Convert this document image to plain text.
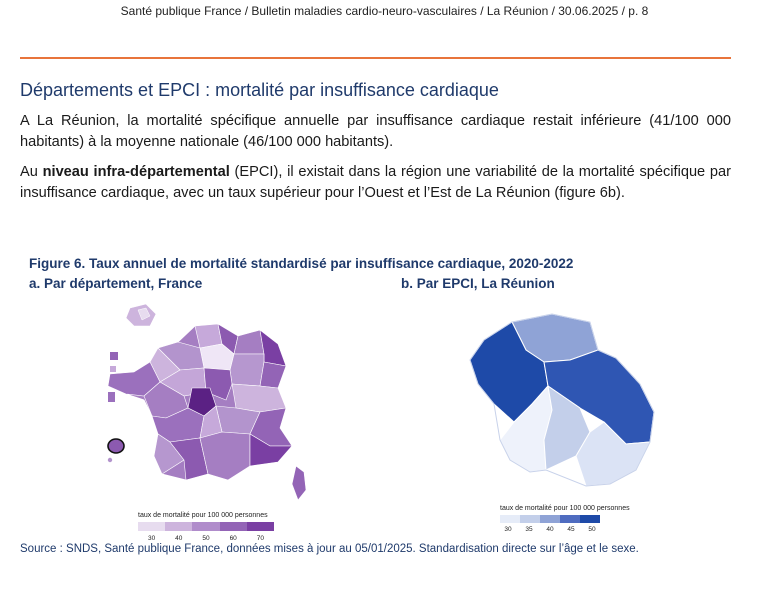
Santé publique France / Bulletin maladies cardio-neuro-vasculaires / La Réunion / 30.06.2025 / p. 8
Départements et EPCI : mortalité par insuffisance cardiaque
A La Réunion, la mortalité spécifique annuelle par insuffisance cardiaque restait inférieure (41/100 000 habitants) à la moyenne nationale (46/100 000 habitants).
Au niveau infra-départemental (EPCI), il existait dans la région une variabilité de la mortalité spécifique par insuffisance cardiaque, avec un taux supérieur pour l’Ouest et l’Est de La Réunion (figure 6b).
Figure 6. Taux annuel de mortalité standardisé par insuffisance cardiaque, 2020-2022
a. Par département, France	b. Par EPCI, La Réunion
taux de mortalité pour 100 000 personnes
30	40	50	60	70
taux de mortalité pour 100 000 personnes
30 35 40 45 50
Source : SNDS, Santé publique France, données mises à jour au 05/01/2025. Standardisation directe sur l’âge et le sexe.
